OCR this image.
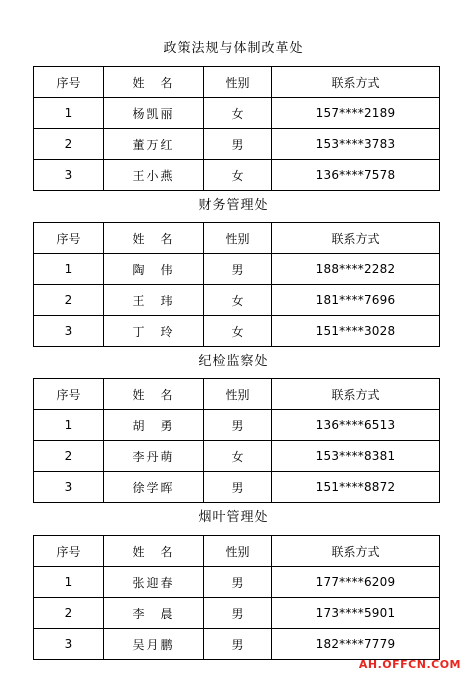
政策法规与体制改革处
序号	姓　名	性别	联系方式
1	杨凯丽	女	157****2189
2	董万红	男	153****3783
3	王小燕	女	136****7578
财务管理处
序号	姓　名	性别	联系方式
1	陶　伟	男	188****2282
2	王　玮	女	181****7696
3	丁　玲	女	151****3028
纪检监察处
序号	姓　名	性别	联系方式
1	胡　勇	男	136****6513
2	李丹萌	女	153****8381
3	徐学晖	男	151****8872
烟叶管理处
序号	姓　名	性别	联系方式
1	张迎春	男	177****6209
2	李　晨	男	173****5901
3	吴月鹏	男	182****7779
AH.OFFCN.COM
